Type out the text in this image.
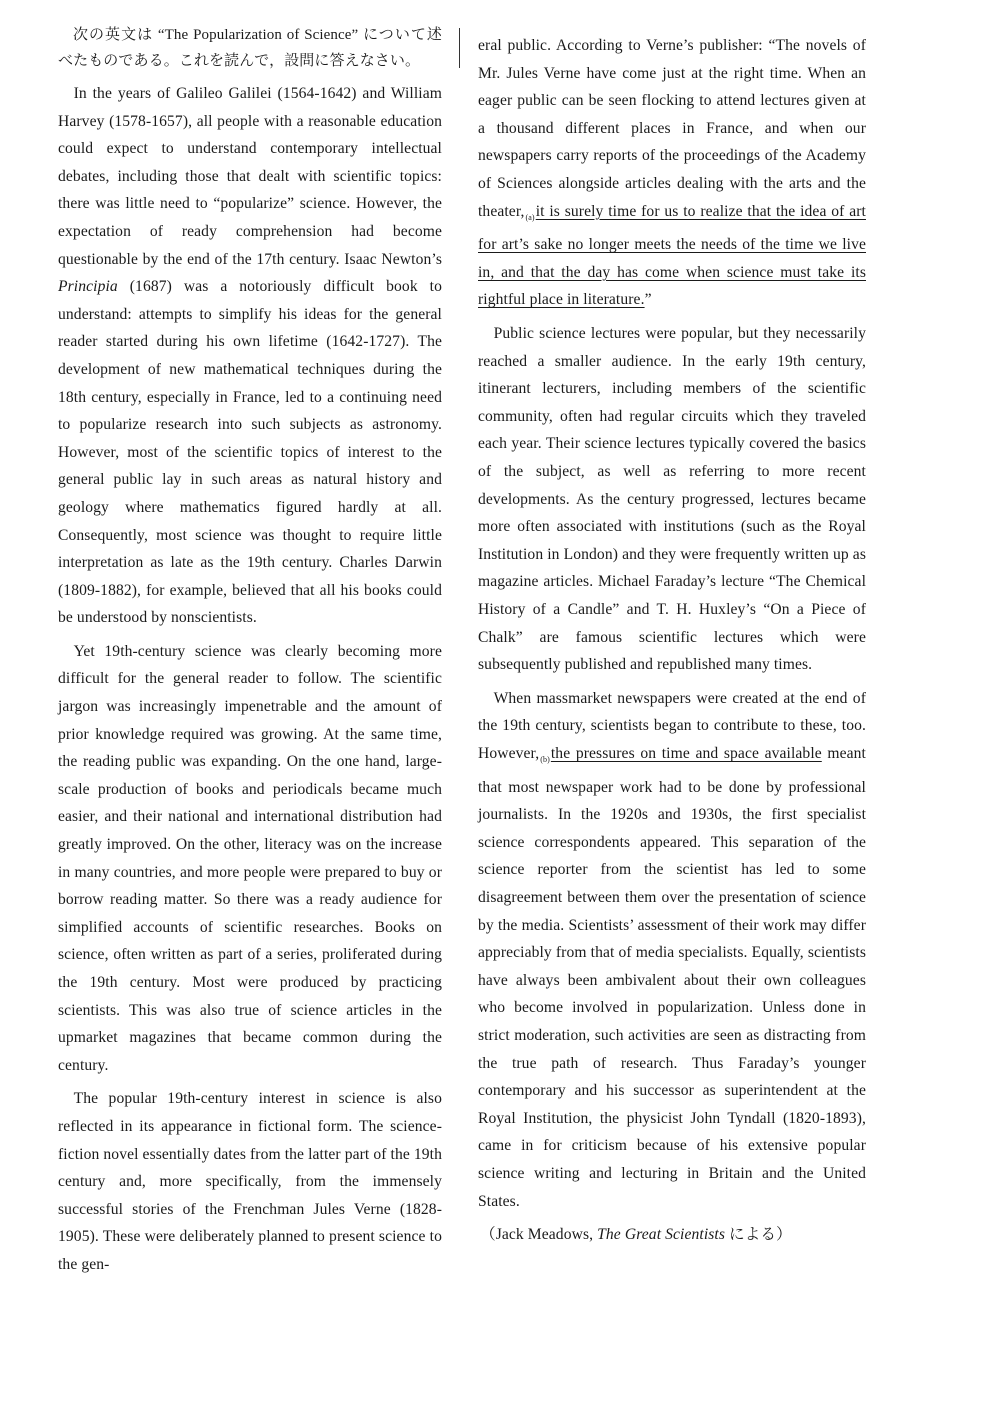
次の英文は “The Popularization of Science” について述べたものである。これを読んで，設問に答えなさい。

In the years of Galileo Galilei (1564-1642) and William Harvey (1578-1657), all people with a reasonable education could expect to understand contemporary intellectual debates, including those that dealt with scientific topics: there was little need to “popularize” science. However, the expectation of ready comprehension had become questionable by the end of the 17th century. Isaac Newton’s Principia (1687) was a notoriously difficult book to understand: attempts to simplify his ideas for the general reader started during his own lifetime (1642-1727). The development of new mathematical techniques during the 18th century, especially in France, led to a continuing need to popularize research into such subjects as astronomy. However, most of the scientific topics of interest to the general public lay in such areas as natural history and geology where mathematics figured hardly at all. Consequently, most science was thought to require little interpretation as late as the 19th century. Charles Darwin (1809-1882), for example, believed that all his books could be understood by nonscientists.

Yet 19th-century science was clearly becoming more difficult for the general reader to follow. The scientific jargon was increasingly impenetrable and the amount of prior knowledge required was growing. At the same time, the reading public was expanding. On the one hand, large-scale production of books and periodicals became much easier, and their national and international distribution had greatly improved. On the other, literacy was on the increase in many countries, and more people were prepared to buy or borrow reading matter. So there was a ready audience for simplified accounts of scientific researches. Books on science, often written as part of a series, proliferated during the 19th century. Most were produced by practicing scientists. This was also true of science articles in the upmarket magazines that became common during the century.

The popular 19th-century interest in science is also reflected in its appearance in fictional form. The science-fiction novel essentially dates from the latter part of the 19th century and, more specifically, from the immensely successful stories of the Frenchman Jules Verne (1828-1905). These were deliberately planned to present science to the gen-

eral public. According to Verne’s publisher: “The novels of Mr. Jules Verne have come just at the right time. When an eager public can be seen flocking to attend lectures given at a thousand different places in France, and when our newspapers carry reports of the proceedings of the Academy of Sciences alongside articles dealing with the arts and the $theater,_{(a)}it$ is surely time for us to realize that the idea of art for art’s sake no longer meets the needs of the time we live in, and that the day has come when science must take its rightful place in literature.”

Public science lectures were popular, but they necessarily reached a smaller audience. In the early 19th century, itinerant lecturers, including members of the scientific community, often had regular circuits which they traveled each year. Their science lectures typically covered the basics of the subject, as well as referring to more recent developments. As the century progressed, lectures became more often associated with institutions (such as the Royal Institution in London) and they were frequently written up as magazine articles. Michael Faraday’s lecture “The Chemical History of a Candle” and T. H. Huxley’s “On a Piece of Chalk” are famous scientific lectures which were subsequently published and republished many times.

When massmarket newspapers were created at the end of the 19th century, scientists began to contribute to these, too. $However,_{(b)}the$ pressures on time and space available meant that most newspaper work had to be done by professional journalists. In the 1920s and 1930s, the first specialist science correspondents appeared. This separation of the science reporter from the scientist has led to some disagreement between them over the presentation of science by the media. Scientists’ assessment of their work may differ appreciably from that of media specialists. Equally, scientists have always been ambivalent about their own colleagues who become involved in popularization. Unless done in strict moderation, such activities are seen as distracting from the true path of research. Thus Faraday’s younger contemporary and his successor as superintendent at the Royal Institution, the physicist John Tyndall (1820-1893), came in for criticism because of his extensive popular science writing and lecturing in Britain and the United States.

（Jack Meadows, The Great Scientists による）
